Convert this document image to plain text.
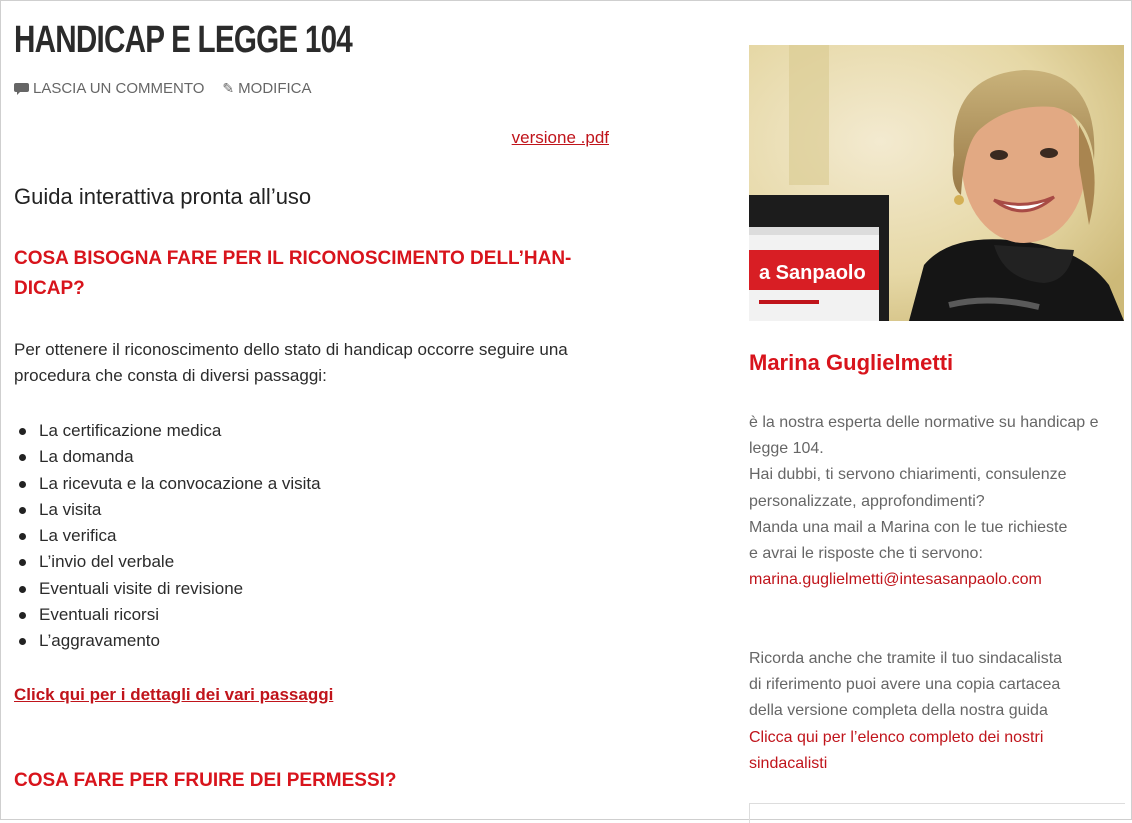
HANDICAP E LEGGE 104
LASCIA UN COMMENTO ✎ MODIFICA
versione .pdf
Guida interattiva pronta all’uso
COSA BISOGNA FARE PER IL RICONOSCIMENTO DELL’HAN-
DICAP?
Per ottenere il riconoscimento dello stato di handicap occorre seguire una
procedura che consta di diversi passaggi:
La certificazione medica
La domanda
La ricevuta e la convocazione a visita
La visita
La verifica
L’invio del verbale
Eventuali visite di revisione
Eventuali ricorsi
L’aggravamento
Click qui per i dettagli dei vari passaggi
COSA FARE PER FRUIRE DEI PERMESSI?
a Sanpaolo
Marina Guglielmetti
è la nostra esperta delle normative su handicap e
legge 104.
Hai dubbi, ti servono chiarimenti, consulenze
personalizzate, approfondimenti?
Manda una mail a Marina con le tue richieste
e avrai le risposte che ti servono:
marina.guglielmetti@intesasanpaolo.com
Ricorda anche che tramite il tuo sindacalista
di riferimento puoi avere una copia cartacea
della versione completa della nostra guida
Clicca qui per l’elenco completo dei nostri
sindacalisti
